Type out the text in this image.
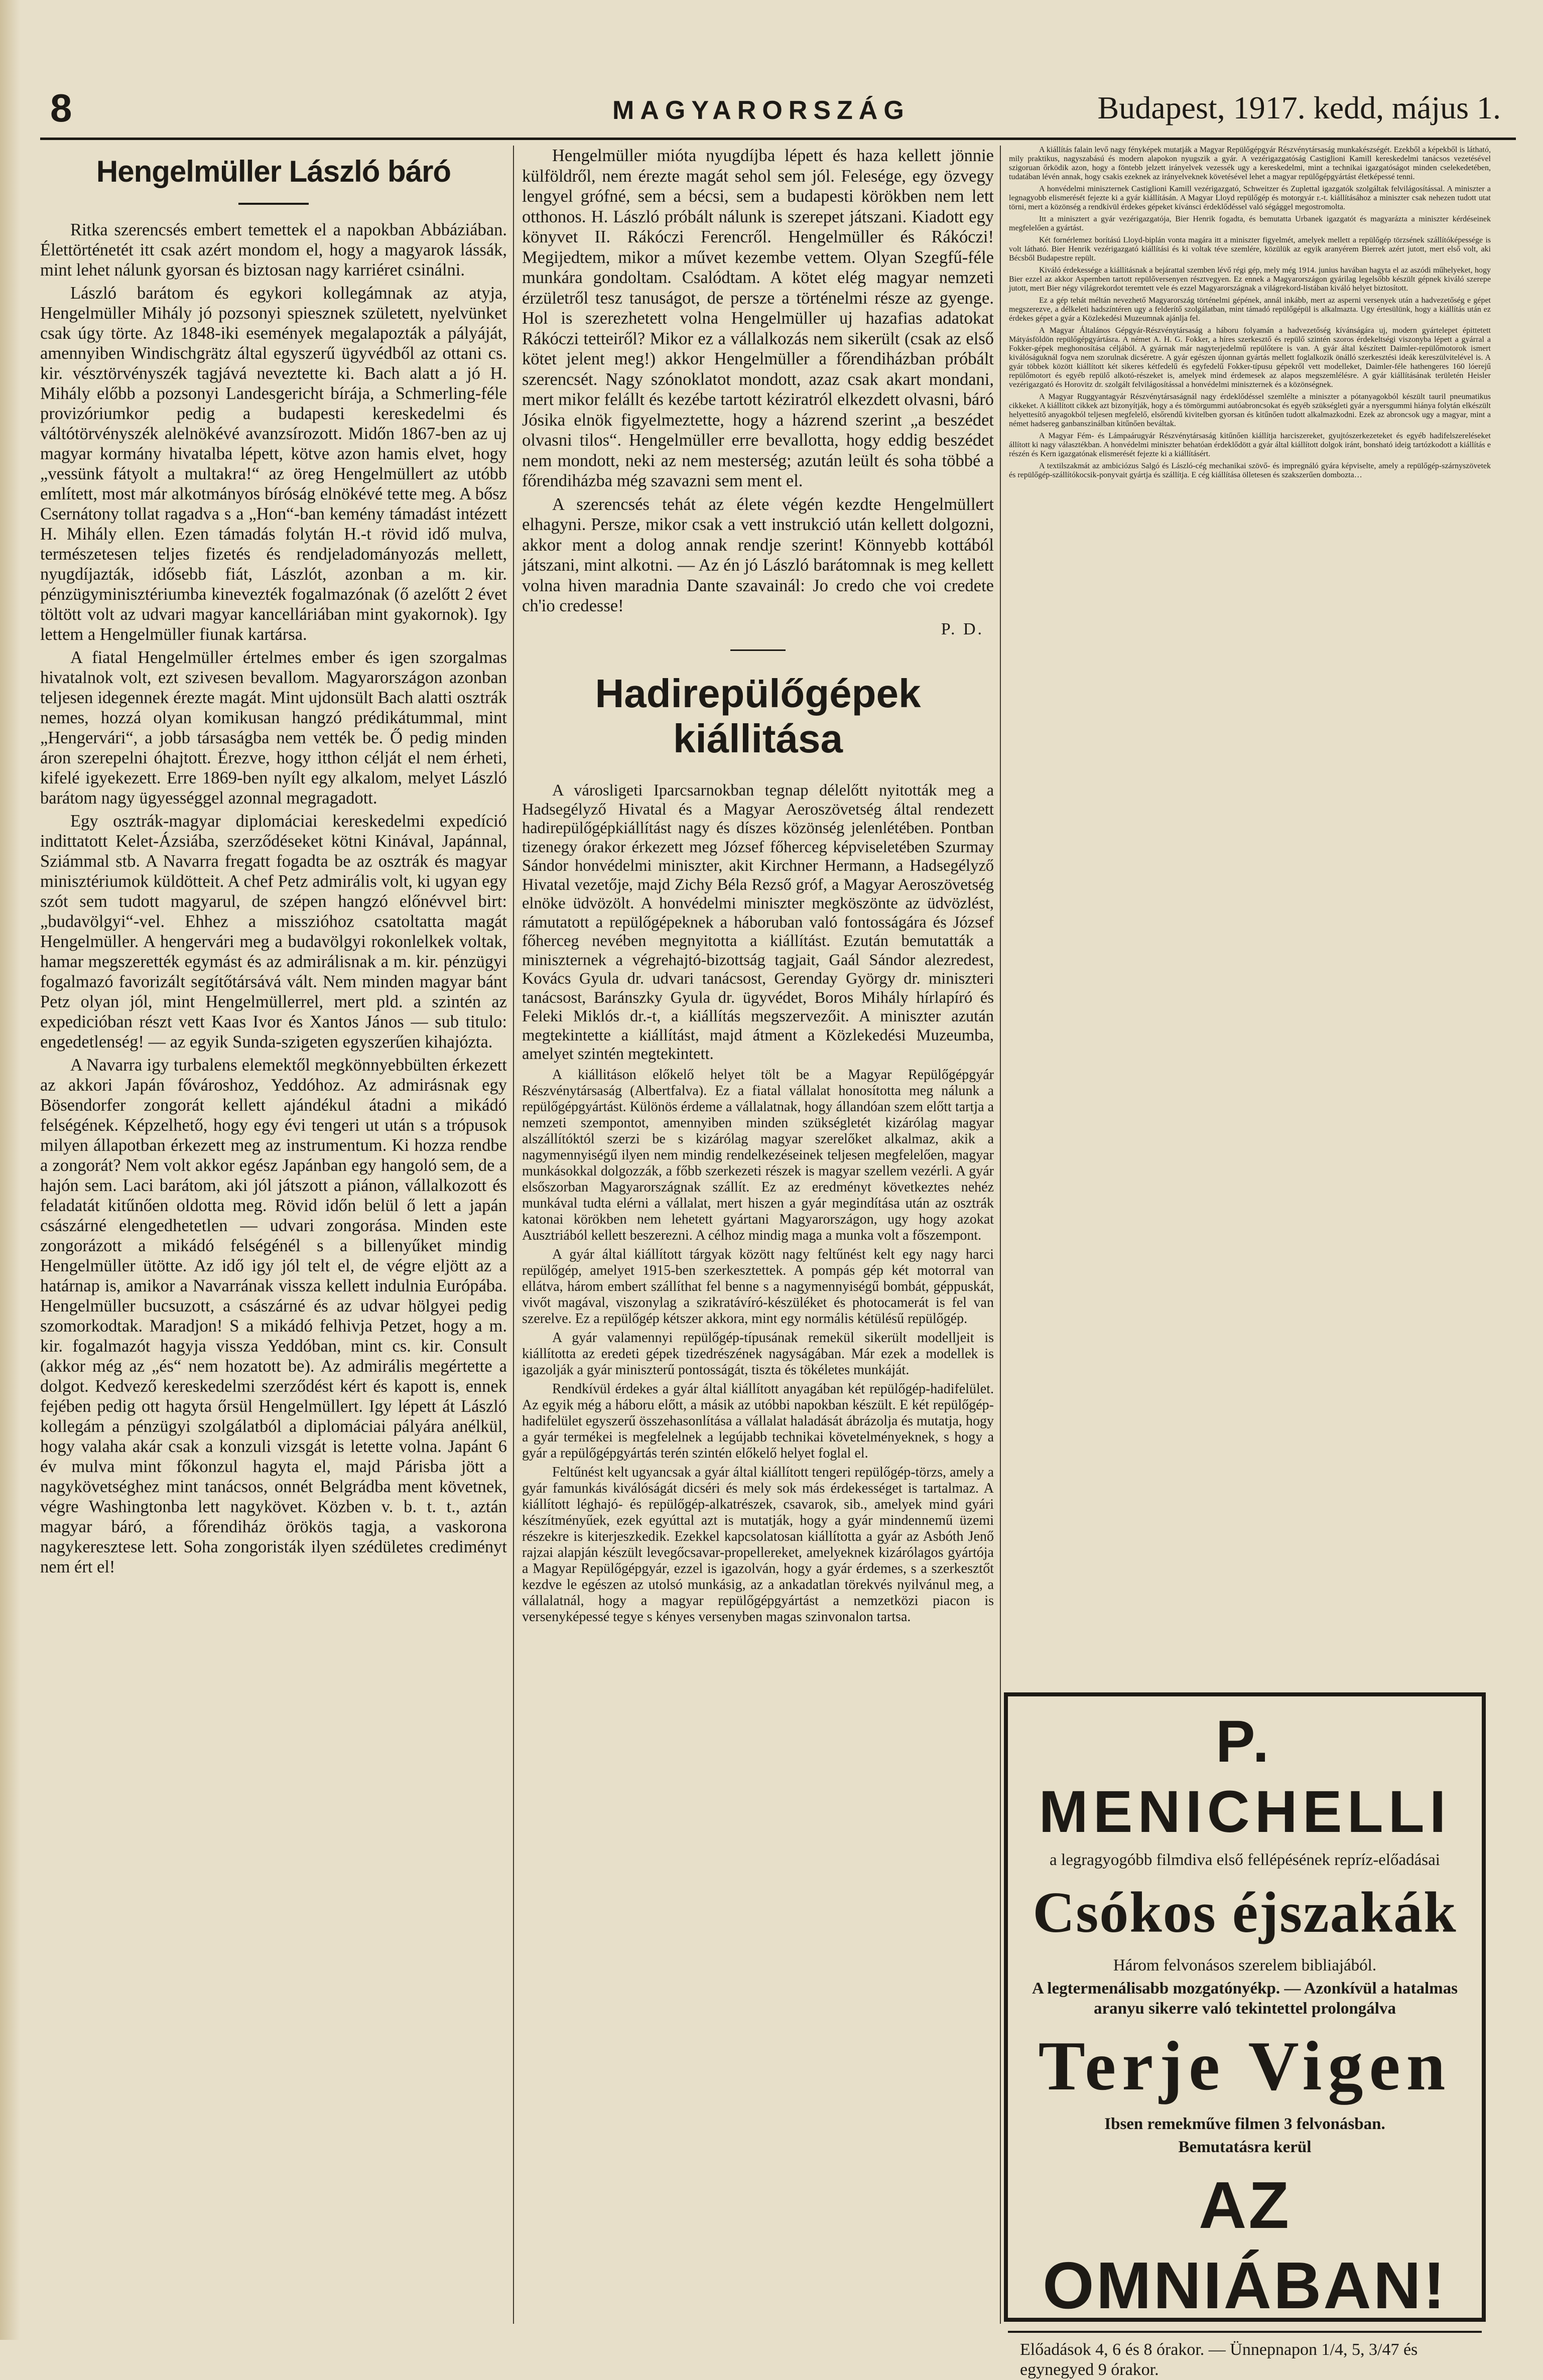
8	MAGYARORSZÁG	Budapest, 1917. kedd, május 1.
Hengelmüller László báró

Ritka szerencsés embert temettek el a napokban Abbáziában. Élettörténetét itt csak azért mondom el, hogy a magyarok lássák, mint lehet nálunk gyorsan és biztosan nagy karriéret csinálni.

László barátom és egykori kollegámnak az atyja, Hengelmüller Mihály jó pozsonyi spiesznek született, nyelvünket csak úgy törte. Az 1848-iki események megalapozták a pályáját, amennyiben Windischgrätz által egyszerű ügyvédből az ottani cs. kir. vésztörvényszék tagjává neveztette ki. Bach alatt a jó H. Mihály előbb a pozsonyi Landesgericht bírája, a Schmerling-féle provizóriumkor pedig a budapesti kereskedelmi és váltótörvényszék alelnökévé avanzsírozott. Midőn 1867-ben az uj magyar kormány hivatalba lépett, kötve azon hamis elvet, hogy „vessünk fátyolt a multakra!“ az öreg Hengelmüllert az utóbb említett, most már alkotmányos bíróság elnökévé tette meg. A bősz Csernátony tollat ragadva s a „Hon“-ban kemény támadást intézett H. Mihály ellen. Ezen támadás folytán H.-t rövid idő mulva, természetesen teljes fizetés és rendjeladományozás mellett, nyugdíjazták, idősebb fiát, Lászlót, azonban a m. kir. pénzügyminisztériumba kinevezték fogalmazónak (ő azelőtt 2 évet töltött volt az udvari magyar kancelláriában mint gyakornok). Igy lettem a Hengelmüller fiunak kartársa.

A fiatal Hengelmüller értelmes ember és igen szorgalmas hivatalnok volt, ezt szivesen bevallom. Magyarországon azonban teljesen idegennek érezte magát. Mint ujdonsült Bach alatti osztrák nemes, hozzá olyan komikusan hangzó prédikátummal, mint „Hengervári“, a jobb társaságba nem vették be. Ő pedig minden áron szerepelni óhajtott. Érezve, hogy itthon célját el nem érheti, kifelé igyekezett. Erre 1869-ben nyílt egy alkalom, melyet László barátom nagy ügyességgel azonnal megragadott.

Egy osztrák-magyar diplomáciai kereskedelmi expedíció indittatott Kelet-Ázsiába, szerződéseket kötni Kinával, Japánnal, Sziámmal stb. A Navarra fregatt fogadta be az osztrák és magyar minisztériumok küldötteit. A chef Petz admirális volt, ki ugyan egy szót sem tudott magyarul, de szépen hangzó előnévvel birt: „budavölgyi“-vel. Ehhez a misszióhoz csatoltatta magát Hengelmüller. A hengervári meg a budavölgyi rokonlelkek voltak, hamar megszerették egymást és az admirálisnak a m. kir. pénzügyi fogalmazó favorizált segítőtársává vált. Nem minden magyar bánt Petz olyan jól, mint Hengelmüllerrel, mert pld. a szintén az expedicióban részt vett Kaas Ivor és Xantos János — sub titulo: engedetlenség! — az egyik Sunda-szigeten egyszerűen kihajózta.

A Navarra igy turbalens elemektől megkönnyebbülten érkezett az akkori Japán fővároshoz, Yeddóhoz. Az admirásnak egy Bösendorfer zongorát kellett ajándékul átadni a mikádó felségének. Képzelhető, hogy egy évi tengeri ut után s a trópusok milyen állapotban érkezett meg az instrumentum. Ki hozza rendbe a zongorát? Nem volt akkor egész Japánban egy hangoló sem, de a hajón sem. Laci barátom, aki jól játszott a piánon, vállalkozott és feladatát kitűnően oldotta meg. Rövid időn belül ő lett a japán császárné elengedhetetlen — udvari zongorása. Minden este zongorázott a mikádó felségénél s a billenyűket mindig Hengelmüller ütötte. Az idő igy jól telt el, de végre eljött az a határnap is, amikor a Navarrának vissza kellett indulnia Európába. Hengelmüller bucsuzott, a császárné és az udvar hölgyei pedig szomorkodtak. Maradjon! S a mikádó felhivja Petzet, hogy a m. kir. fogalmazót hagyja vissza Yeddóban, mint cs. kir. Consult (akkor még az „és“ nem hozatott be). Az admirális megértette a dolgot. Kedvező kereskedelmi szerződést kért és kapott is, ennek fejében pedig ott hagyta őrsül Hengelmüllert. Igy lépett át László kollegám a pénzügyi szolgálatból a diplomáciai pályára anélkül, hogy valaha akár csak a konzuli vizsgát is letette volna. Japánt 6 év mulva mint főkonzul hagyta el, majd Párisba jött a nagykövetséghez mint tanácsos, onnét Belgrádba ment követnek, végre Washingtonba lett nagykövet. Közben v. b. t. t., aztán magyar báró, a főrendiház örökös tagja, a vaskorona nagykeresztese lett. Soha zongoristák ilyen szédületes crediményt nem ért el!

Hengelmüller mióta nyugdíjba lépett és haza kellett jönnie külföldről, nem érezte magát sehol sem jól. Felesége, egy özvegy lengyel grófné, sem a bécsi, sem a budapesti körökben nem lett otthonos. H. László próbált nálunk is szerepet játszani. Kiadott egy könyvet II. Rákóczi Ferencről. Hengelmüller és Rákóczi! Megijedtem, mikor a művet kezembe vettem. Olyan Szegfű-féle munkára gondoltam. Csalódtam. A kötet elég magyar nemzeti érzületről tesz tanuságot, de persze a történelmi része az gyenge. Hol is szerezhetett volna Hengelmüller uj hazafias adatokat Rákóczi tetteiről? Mikor ez a vállalkozás nem sikerült (csak az első kötet jelent meg!) akkor Hengelmüller a főrendiházban próbált szerencsét. Nagy szónoklatot mondott, azaz csak akart mondani, mert mikor felállt és kezébe tartott kéziratról elkezdett olvasni, báró Jósika elnök figyelmeztette, hogy a házrend szerint „a beszédet olvasni tilos“. Hengelmüller erre bevallotta, hogy eddig beszédet nem mondott, neki az nem mesterség; azután leült és soha többé a főrendiházba még szavazni sem ment el.

A szerencsés tehát az élete végén kezdte Hengelmüllert elhagyni. Persze, mikor csak a vett instrukció után kellett dolgozni, akkor ment a dolog annak rendje szerint! Könnyebb kottából játszani, mint alkotni. — Az én jó László barátomnak is meg kellett volna hiven maradnia Dante szavainál: Jo credo che voi credete ch'io credesse!

P. D.
Hadirepülőgépek
kiállitása

A városligeti Iparcsarnokban tegnap délelőtt nyitották meg a Hadsegélyző Hivatal és a Magyar Aeroszövetség által rendezett hadirepülőgépkiállítást nagy és díszes közönség jelenlétében. Pontban tizenegy órakor érkezett meg József főherceg képviseletében Szurmay Sándor honvédelmi miniszter, akit Kirchner Hermann, a Hadsegélyző Hivatal vezetője, majd Zichy Béla Rezső gróf, a Magyar Aeroszövetség elnöke üdvözölt. A honvédelmi miniszter megköszönte az üdvözlést, rámutatott a repülőgépeknek a háboruban való fontosságára és József főherceg nevében megnyitotta a kiállítást. Ezután bemutatták a miniszternek a végrehajtó-bizottság tagjait, Gaál Sándor alezredest, Kovács Gyula dr. udvari tanácsost, Gerenday György dr. miniszteri tanácsost, Baránszky Gyula dr. ügyvédet, Boros Mihály hírlapíró és Feleki Miklós dr.-t, a kiállítás megszervezőit. A miniszter azután megtekintette a kiállítást, majd átment a Közlekedési Muzeumba, amelyet szintén megtekintett.

A kiállitáson előkelő helyet tölt be a Magyar Repülőgépgyár Részvénytársaság (Albertfalva). Ez a fiatal vállalat honosította meg nálunk a repülőgépgyártást. Különös érdeme a vállalatnak, hogy állandóan szem előtt tartja a nemzeti szempontot, amennyiben minden szükségletét kizárólag magyar alszállítóktól szerzi be s kizárólag magyar szerelőket alkalmaz, akik a nagymennyiségű ilyen nem mindig rendelkezéseinek teljesen megfelelően, magyar munkásokkal dolgozzák, a főbb szerkezeti részek is magyar szellem vezérli. A gyár elsőszorban Magyarországnak szállít. Ez az eredményt következtes nehéz munkával tudta elérni a vállalat, mert hiszen a gyár megindítása után az osztrák katonai körökben nem lehetett gyártani Magyarországon, ugy hogy azokat Ausztriából kellett beszerezni. A célhoz mindig maga a munka volt a főszempont.

A gyár által kiállított tárgyak között nagy feltűnést kelt egy nagy harci repülőgép, amelyet 1915-ben szerkesztettek. A pompás gép két motorral van ellátva, három embert szállíthat fel benne s a nagymennyiségű bombát, géppuskát, vivőt magával, viszonylag a szikratávíró-készüléket és photocamerát is fel van szerelve. Ez a repülőgép kétszer akkora, mint egy normális kétülésű repülőgép.

A gyár valamennyi repülőgép-típusának remekül sikerült modelljeit is kiállította az eredeti gépek tizedrészének nagyságában. Már ezek a modellek is igazolják a gyár miniszterű pontosságát, tiszta és tökéletes munkáját.

Rendkívül érdekes a gyár által kiállított anyagában két repülőgép-hadifelület. Az egyik még a háboru előtt, a másik az utóbbi napokban készült. E két repülőgép-hadifelület egyszerű összehasonlítása a vállalat haladását ábrázolja és mutatja, hogy a gyár termékei is megfelelnek a legújabb technikai követelményeknek, s hogy a gyár a repülőgépgyártás terén szintén előkelő helyet foglal el.

Feltűnést kelt ugyancsak a gyár által kiállított tengeri repülőgép-törzs, amely a gyár famunkás kiválóságát dicséri és mely sok más érdekességet is tartalmaz. A kiállított léghajó- és repülőgép-alkatrészek, csavarok, sib., amelyek mind gyári készítményűek, ezek egyúttal azt is mutatják, hogy a gyár mindennemű üzemi részekre is kiterjeszkedik. Ezekkel kapcsolatosan kiállította a gyár az Asbóth Jenő rajzai alapján készült levegőcsavar-propellereket, amelyeknek kizárólagos gyártója a Magyar Repülőgépgyár, ezzel is igazolván, hogy a gyár érdemes, s a szerkesztőt kezdve le egészen az utolsó munkásig, az a ankadatlan törekvés nyilvánul meg, a vállalatnál, hogy a magyar repülőgépgyártást a nemzetközi piacon is versenyképessé tegye s kényes versenyben magas szinvonalon tartsa.

A kiállítás falain levő nagy fényképek mutatják a Magyar Repülőgépgyár Részvénytársaság munkakészségét. Ezekből a képekből is látható, mily praktikus, nagyszabású és modern alapokon nyugszik a gyár. A vezérigazgatóság Castiglioni Kamill kereskedelmi tanácsos vezetésével szigoruan őrködik azon, hogy a föntebb jelzett irányelvek vezessék ugy a kereskedelmi, mint a technikai igazgatóságot minden cselekedetében, tudatában lévén annak, hogy csakis ezeknek az irányelveknek követésével lehet a magyar repülőgépgyártást életképessé tenni.

A honvédelmi miniszternek Castiglioni Kamill vezérigazgató, Schweitzer és Zuplettal igazgatók szolgáltak felvilágosítással. A miniszter a legnagyobb elismerését fejezte ki a gyár kiállításán. A Magyar Lloyd repülőgép és motorgyár r.-t. kiállításához a miniszter csak nehezen tudott utat törni, mert a közönség a rendkívül érdekes gépeket kívánsci érdeklődéssel való ségággel megostromolta.

Itt a minisztert a gyár vezérigazgatója, Bier Henrik fogadta, és bemutatta Urbanek igazgatót és magyarázta a miniszter kérdéseinek megfelelően a gyártást.

Két fornérlemez borítású Lloyd-biplán vonta magára itt a miniszter figyelmét, amelyek mellett a repülőgép törzsének szállítóképessége is volt látható. Bier Henrik vezérigazgató kiállítási és ki voltak téve szemlére, közülük az egyik aranyérem Bierrek azért jutott, mert első volt, aki Bécsből Budapestre repült.

Kiváló érdekessége a kiállításnak a bejárattal szemben lévő régi gép, mely még 1914. junius havában hagyta el az aszódi műhelyeket, hogy Bier ezzel az akkor Aspernben tartott repülőversenyen résztvegyen. Ez ennek a Magyarországon gyárilag legelsőbb készült gépnek kiváló szerepe jutott, mert Bier négy világrekordot teremtett vele és ezzel Magyarországnak a világrekord-listában kiváló helyet biztosított.

Ez a gép tehát méltán nevezhető Magyarország történelmi gépének, annál inkább, mert az asperni versenyek után a hadvezetőség e gépet megszerezve, a délkeleti hadszíntéren ugy a felderítő szolgálatban, mint támadó repülőgépül is alkalmazta. Ugy értesülünk, hogy a kiállítás után ez érdekes gépet a gyár a Közlekedési Muzeumnak ajánlja fel.

A Magyar Általános Gépgyár-Részvénytársaság a háboru folyamán a hadvezetőség kívánságára uj, modern gyártelepet épittetett Mátyásföldön repülőgépgyártásra. A német A. H. G. Fokker, a híres szerkesztő és repülő szintén szoros érdekeltségi viszonyba lépett a gyárral a Fokker-gépek meghonosítása céljából. A gyárnak már nagyterjedelmű repülőtere is van. A gyár által készített Daimler-repülőmotorok ismert kiválóságuknál fogva nem szorulnak dicséretre. A gyár egészen újonnan gyártás mellett foglalkozik önálló szerkesztési ideák kereszülvitelével is. A gyár többek között kiállított két sikeres kétfedelű és egyfedelű Fokker-típusu gépekről vett modelleket, Daimler-féle hathengeres 160 lóerejű repülőmotort és egyéb repülő alkotó-részeket is, amelyek mind érdemesek az alapos megszemlélésre. A gyár kiállításának területén Heisler vezérigazgató és Horovitz dr. szolgált felvilágosítással a honvédelmi miniszternek és a közönségnek.

A Magyar Ruggyantagyár Részvénytársaságnál nagy érdeklődéssel szemlélte a miniszter a pótanyagokból készült tauril pneumatikus cikkeket. A kiállított cikkek azt bizonyítják, hogy a és tömörgummi autóabroncsokat és egyéb szükségleti gyár a nyersgummi hiánya folytán elkészült helyettesítő anyagokból teljesen megfelelő, elsőrendű kivitelben gyorsan és kitűnően tudott alkalmazkodni. Ezek az abroncsok ugy a magyar, mint a német hadsereg ganbanszinálban kitűnően beváltak.

A Magyar Fém- és Lámpaárugyár Részvénytársaság kitűnően kiállítja harciszereket, gyujtószerkezeteket és egyéb hadifelszereléseket állított ki nagy választékban. A honvédelmi miniszter behatóan érdeklődött a gyár által kiállított dolgok iránt, bonsható ideig tartózkodott a kiállítás e részén és Kern igazgatónak elismerését fejezte ki a kiállításért.

A textilszakmát az ambiciózus Salgó és László-cég mechanikai szövő- és impregnáló gyára képviselte, amely a repülőgép-szárnyszövetek és repülőgép-szállítókocsik-ponyvait gyártja és szállítja. E cég kiállítása ölletesen és szakszerűen dombozta…

P. MENICHELLI
a legragyogóbb filmdiva első fellépésének repríz-előadásai
Csókos éjszakák
Három felvonásos szerelem bibliajából.
A legtermenálisabb mozgatónyékp. — Azonkívül a hatalmas aranyu sikerre való tekintettel prolongálva
Terje Vigen
Ibsen remekműve filmen 3 felvonásban.
Bemutatásra kerül
AZ OMNIÁBAN!
Előadások 4, 6 és 8 órakor. — Ünnepnapon 1/4, 5, 3/47 és egynegyed 9 órakor.
